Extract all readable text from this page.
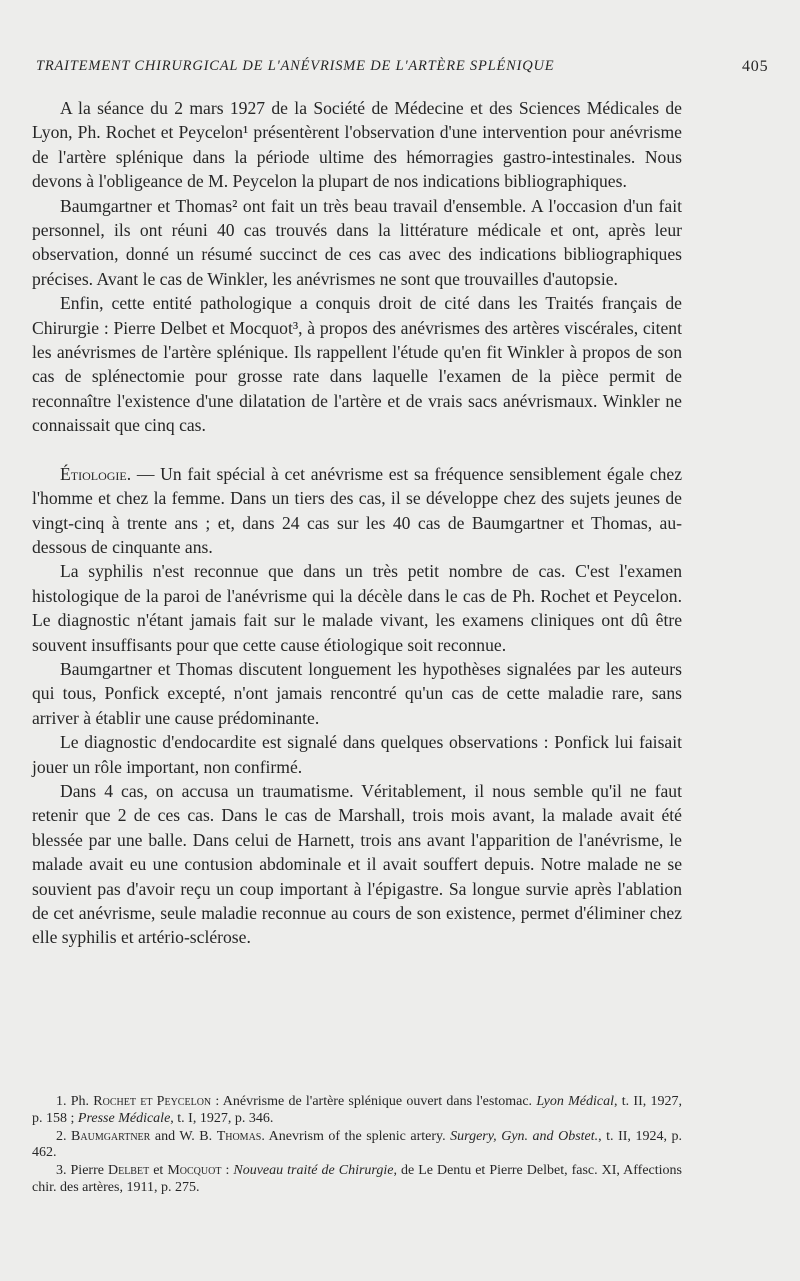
TRAITEMENT CHIRURGICAL DE L'ANÉVRISME DE L'ARTÈRE SPLÉNIQUE	405

A la séance du 2 mars 1927 de la Société de Médecine et des Sciences Médicales de Lyon, Ph. Rochet et Peycelon¹ présentèrent l'observation d'une intervention pour anévrisme de l'artère splénique dans la période ultime des hémorragies gastro-intestinales. Nous devons à l'obligeance de M. Peycelon la plupart de nos indications bibliographiques.

Baumgartner et Thomas² ont fait un très beau travail d'ensemble. A l'occasion d'un fait personnel, ils ont réuni 40 cas trouvés dans la littérature médicale et ont, après leur observation, donné un résumé succinct de ces cas avec des indications bibliographiques précises. Avant le cas de Winkler, les anévrismes ne sont que trouvailles d'autopsie.

Enfin, cette entité pathologique a conquis droit de cité dans les Traités français de Chirurgie : Pierre Delbet et Mocquot³, à propos des anévrismes des artères viscérales, citent les anévrismes de l'artère splénique. Ils rappellent l'étude qu'en fit Winkler à propos de son cas de splénectomie pour grosse rate dans laquelle l'examen de la pièce permit de reconnaître l'existence d'une dilatation de l'artère et de vrais sacs anévrismaux. Winkler ne connaissait que cinq cas.

Étiologie. — Un fait spécial à cet anévrisme est sa fréquence sensiblement égale chez l'homme et chez la femme. Dans un tiers des cas, il se développe chez des sujets jeunes de vingt-cinq à trente ans ; et, dans 24 cas sur les 40 cas de Baumgartner et Thomas, au-dessous de cinquante ans.

La syphilis n'est reconnue que dans un très petit nombre de cas. C'est l'examen histologique de la paroi de l'anévrisme qui la décèle dans le cas de Ph. Rochet et Peycelon. Le diagnostic n'étant jamais fait sur le malade vivant, les examens cliniques ont dû être souvent insuffisants pour que cette cause étiologique soit reconnue.

Baumgartner et Thomas discutent longuement les hypothèses signalées par les auteurs qui tous, Ponfick excepté, n'ont jamais rencontré qu'un cas de cette maladie rare, sans arriver à établir une cause prédominante.

Le diagnostic d'endocardite est signalé dans quelques observations : Ponfick lui faisait jouer un rôle important, non confirmé.

Dans 4 cas, on accusa un traumatisme. Véritablement, il nous semble qu'il ne faut retenir que 2 de ces cas. Dans le cas de Marshall, trois mois avant, la malade avait été blessée par une balle. Dans celui de Harnett, trois ans avant l'apparition de l'anévrisme, le malade avait eu une contusion abdominale et il avait souffert depuis. Notre malade ne se souvient pas d'avoir reçu un coup important à l'épigastre. Sa longue survie après l'ablation de cet anévrisme, seule maladie reconnue au cours de son existence, permet d'éliminer chez elle syphilis et artério-sclérose.

1. Ph. Rochet et Peycelon : Anévrisme de l'artère splénique ouvert dans l'estomac. Lyon Médical, t. II, 1927, p. 158 ; Presse Médicale, t. I, 1927, p. 346.

2. Baumgartner and W. B. Thomas. Anevrism of the splenic artery. Surgery, Gyn. and Obstet., t. II, 1924, p. 462.

3. Pierre Delbet et Mocquot : Nouveau traité de Chirurgie, de Le Dentu et Pierre Delbet, fasc. XI, Affections chir. des artères, 1911, p. 275.
